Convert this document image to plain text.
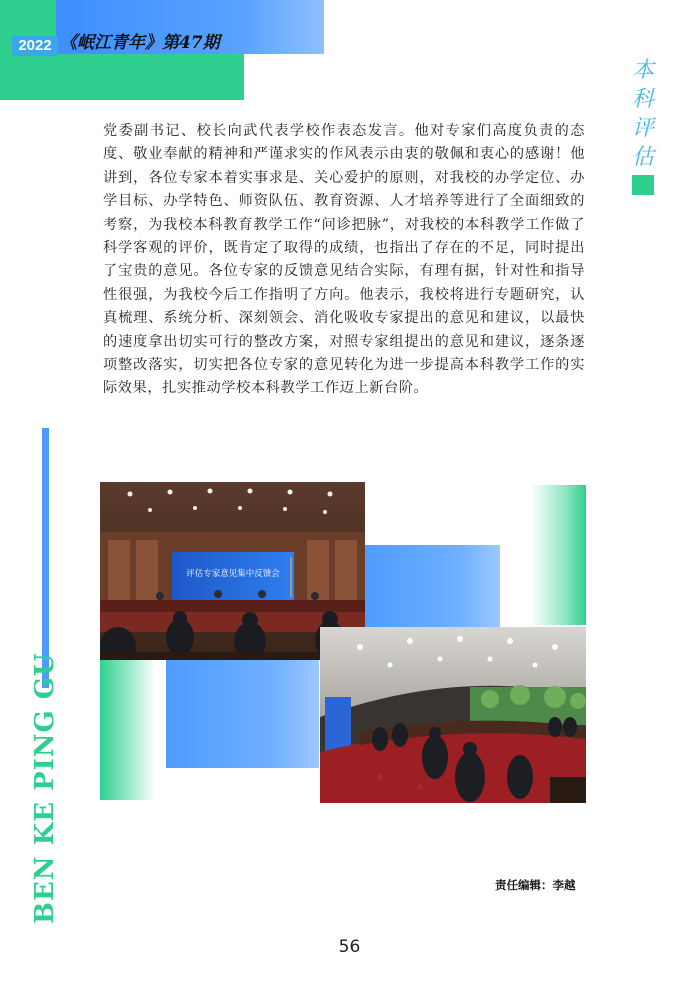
2022 《岷江青年》第47期
本
科
评
估
BEN KE PING GU
党委副书记、校长向武代表学校作表态发言。他对专家们高度负责的态度、敬业奉献的精神和严谨求实的作风表示由衷的敬佩和衷心的感谢！他讲到，各位专家本着实事求是、关心爱护的原则，对我校的办学定位、办学目标、办学特色、师资队伍、教育资源、人才培养等进行了全面细致的考察，为我校本科教育教学工作“问诊把脉”，对我校的本科教学工作做了科学客观的评价，既肯定了取得的成绩，也指出了存在的不足，同时提出了宝贵的意见。各位专家的反馈意见结合实际，有理有据，针对性和指导性很强，为我校今后工作指明了方向。他表示，我校将进行专题研究，认真梳理、系统分析、深刻领会、消化吸收专家提出的意见和建议，以最快的速度拿出切实可行的整改方案，对照专家组提出的意见和建议，逐条逐项整改落实，切实把各位专家的意见转化为进一步提高本科教学工作的实际效果，扎实推动学校本科教学工作迈上新台阶。
评估专家意见集中反馈会
责任编辑：李越
56
